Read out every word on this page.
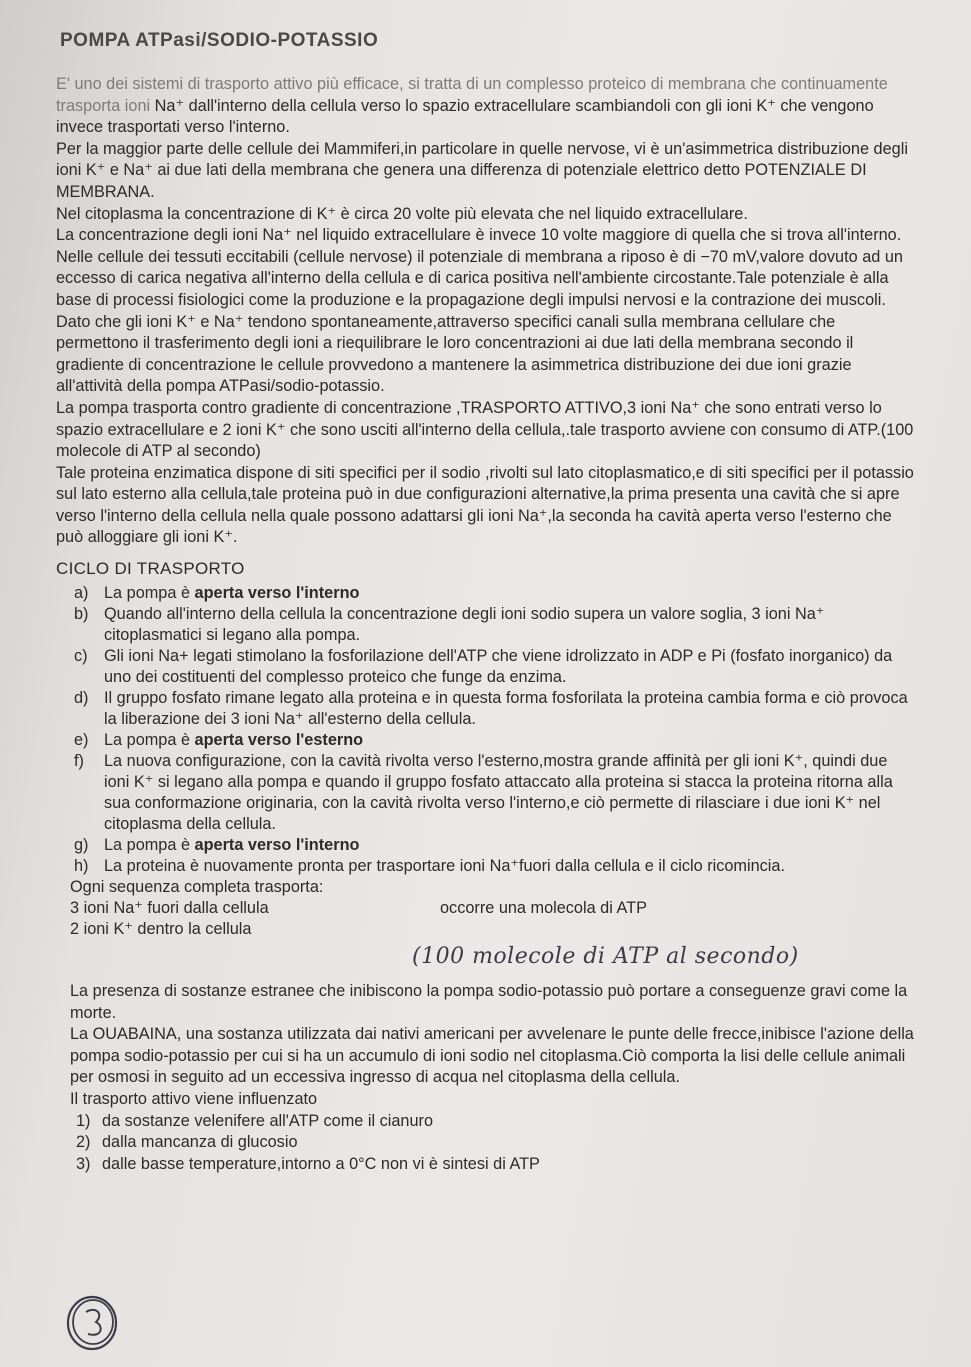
POMPA ATPasi/SODIO-POTASSIO

E' uno dei sistemi di trasporto attivo più efficace, si tratta di un complesso proteico di membrana che continuamente trasporta ioni Na⁺ dall'interno della cellula verso lo spazio extracellulare scambiandoli con gli ioni K⁺ che vengono invece trasportati verso l'interno.

Per la maggior parte delle cellule dei Mammiferi,in particolare in quelle nervose, vi è un'asimmetrica distribuzione degli ioni K⁺ e Na⁺ ai due lati della membrana che genera una differenza di potenziale elettrico detto POTENZIALE DI MEMBRANA.

Nel citoplasma la concentrazione di K⁺ è circa 20 volte più elevata che nel liquido extracellulare.

La concentrazione degli ioni Na⁺ nel liquido extracellulare è invece 10 volte maggiore di quella che si trova all'interno.

Nelle cellule dei tessuti eccitabili (cellule nervose) il potenziale di membrana a riposo è di −70 mV,valore dovuto ad un eccesso di carica negativa all'interno della cellula e di carica positiva nell'ambiente circostante.Tale potenziale è alla base di processi fisiologici come la produzione e la propagazione degli impulsi nervosi e la contrazione dei muscoli.

Dato che gli ioni K⁺ e Na⁺ tendono spontaneamente,attraverso specifici canali sulla membrana cellulare che permettono il trasferimento degli ioni a riequilibrare le loro concentrazioni ai due lati della membrana secondo il gradiente di concentrazione le cellule provvedono a mantenere la asimmetrica distribuzione dei due ioni grazie all'attività della pompa ATPasi/sodio-potassio.

La pompa trasporta contro gradiente di concentrazione ,TRASPORTO ATTIVO,3 ioni Na⁺ che sono entrati verso lo spazio extracellulare e 2 ioni K⁺ che sono usciti all'interno della cellula,.tale trasporto avviene con consumo di ATP.(100 molecole di ATP al secondo)

Tale proteina enzimatica dispone di siti specifici per il sodio ,rivolti sul lato citoplasmatico,e di siti specifici per il potassio sul lato esterno alla cellula,tale proteina può in due configurazioni alternative,la prima presenta una cavità che si apre verso l'interno della cellula nella quale possono adattarsi gli ioni Na⁺,la seconda ha cavità aperta verso l'esterno che può alloggiare gli ioni K⁺.

CICLO DI TRASPORTO
a) La pompa è aperta verso l'interno
b) Quando all'interno della cellula la concentrazione degli ioni sodio supera un valore soglia, 3 ioni Na⁺ citoplasmatici si legano alla pompa.
c) Gli ioni Na+ legati stimolano la fosforilazione dell'ATP che viene idrolizzato in ADP e Pi (fosfato inorganico) da uno dei costituenti del complesso proteico che funge da enzima.
d) Il gruppo fosfato rimane legato alla proteina e in questa forma fosforilata la proteina cambia forma e ciò provoca la liberazione dei 3 ioni Na⁺ all'esterno della cellula.
e) La pompa è aperta verso l'esterno
f) La nuova configurazione, con la cavità rivolta verso l'esterno,mostra grande affinità per gli ioni K⁺, quindi due ioni K⁺ si legano alla pompa e quando il gruppo fosfato attaccato alla proteina si stacca la proteina ritorna alla sua conformazione originaria, con la cavità rivolta verso l'interno,e ciò permette di rilasciare i due ioni K⁺ nel citoplasma della cellula.
g) La pompa è aperta verso l'interno
h) La proteina è nuovamente pronta per trasportare ioni Na⁺fuori dalla cellula e il ciclo ricomincia.
Ogni sequenza completa trasporta:
3 ioni Na⁺ fuori dalla cellula	occorre una molecola di ATP
2 ioni K⁺ dentro la cellula
(100 molecole di ATP al secondo)

La presenza di sostanze estranee che inibiscono la pompa sodio-potassio può portare a conseguenze gravi come la morte.

La OUABAINA, una sostanza utilizzata dai nativi americani per avvelenare le punte delle frecce,inibisce l'azione della pompa sodio-potassio per cui si ha un accumulo di ioni sodio nel citoplasma.Ciò comporta la lisi delle cellule animali per osmosi in seguito ad un eccessiva ingresso di acqua nel citoplasma della cellula.

Il trasporto attivo viene influenzato

1) da sostanze velenifere all'ATP come il cianuro
2) dalla mancanza di glucosio
3) dalle basse temperature,intorno a 0°C non vi è sintesi di ATP
